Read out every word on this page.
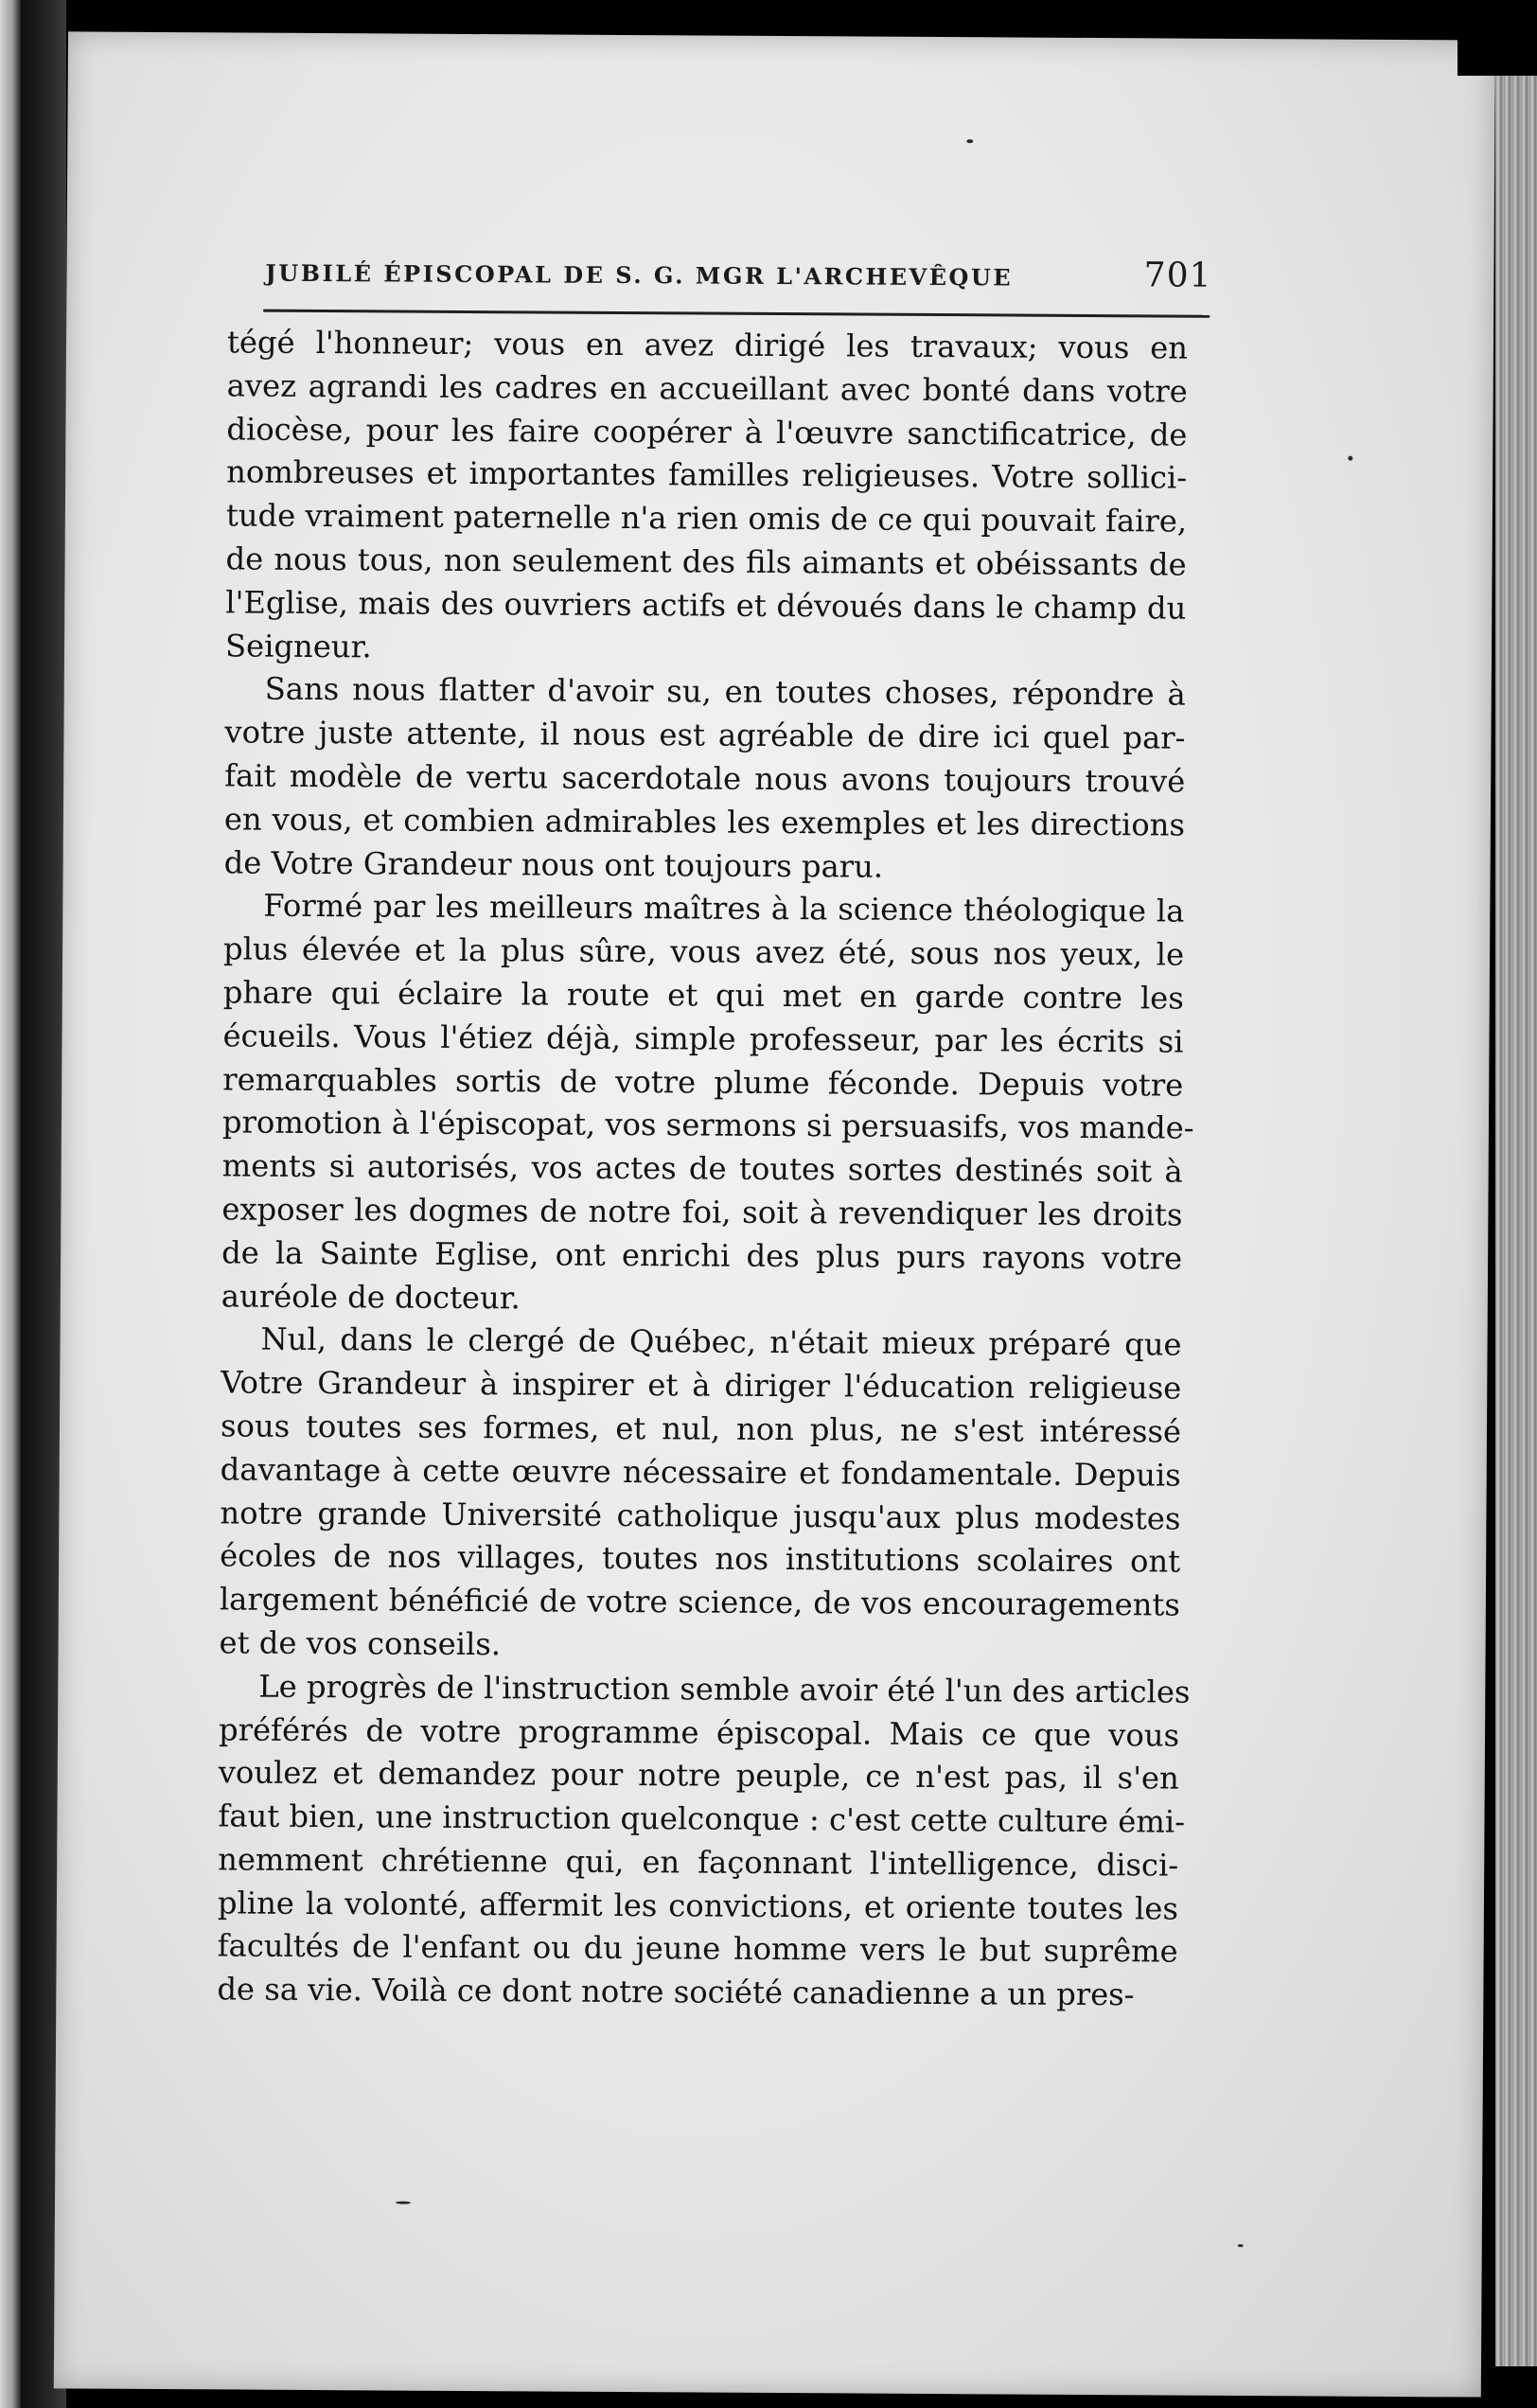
JUBILÉ ÉPISCOPAL DE S. G. MGR L'ARCHEVÊQUE	701

tégé l'honneur; vous en avez dirigé les travaux; vous en
avez agrandi les cadres en accueillant avec bonté dans votre
diocèse, pour les faire coopérer à l'œuvre sanctificatrice, de
nombreuses et importantes familles religieuses. Votre sollici-
tude vraiment paternelle n'a rien omis de ce qui pouvait faire,
de nous tous, non seulement des fils aimants et obéissants de
l'Eglise, mais des ouvriers actifs et dévoués dans le champ du
Seigneur.

Sans nous flatter d'avoir su, en toutes choses, répondre à
votre juste attente, il nous est agréable de dire ici quel par-
fait modèle de vertu sacerdotale nous avons toujours trouvé
en vous, et combien admirables les exemples et les directions
de Votre Grandeur nous ont toujours paru.

Formé par les meilleurs maîtres à la science théologique la
plus élevée et la plus sûre, vous avez été, sous nos yeux, le
phare qui éclaire la route et qui met en garde contre les
écueils. Vous l'étiez déjà, simple professeur, par les écrits si
remarquables sortis de votre plume féconde. Depuis votre
promotion à l'épiscopat, vos sermons si persuasifs, vos mande-
ments si autorisés, vos actes de toutes sortes destinés soit à
exposer les dogmes de notre foi, soit à revendiquer les droits
de la Sainte Eglise, ont enrichi des plus purs rayons votre
auréole de docteur.

Nul, dans le clergé de Québec, n'était mieux préparé que
Votre Grandeur à inspirer et à diriger l'éducation religieuse
sous toutes ses formes, et nul, non plus, ne s'est intéressé
davantage à cette œuvre nécessaire et fondamentale. Depuis
notre grande Université catholique jusqu'aux plus modestes
écoles de nos villages, toutes nos institutions scolaires ont
largement bénéficié de votre science, de vos encouragements
et de vos conseils.

Le progrès de l'instruction semble avoir été l'un des articles
préférés de votre programme épiscopal. Mais ce que vous
voulez et demandez pour notre peuple, ce n'est pas, il s'en
faut bien, une instruction quelconque : c'est cette culture émi-
nemment chrétienne qui, en façonnant l'intelligence, disci-
pline la volonté, affermit les convictions, et oriente toutes les
facultés de l'enfant ou du jeune homme vers le but suprême
de sa vie. Voilà ce dont notre société canadienne a un pres-
